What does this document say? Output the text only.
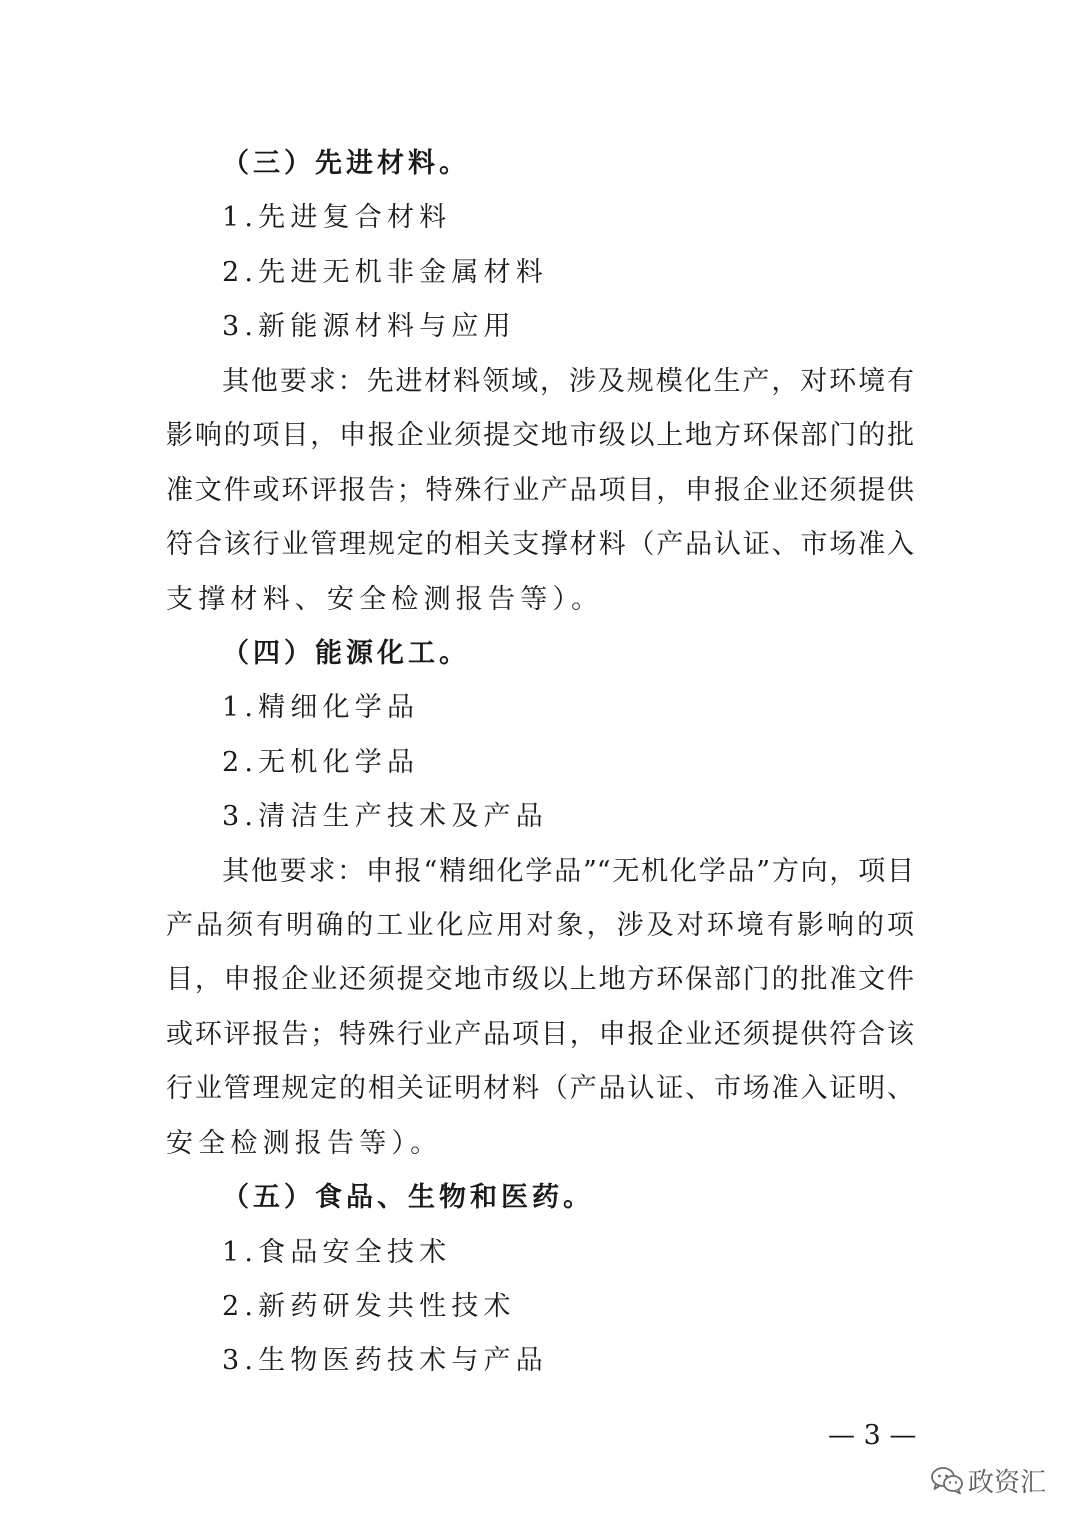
（三）先进材料。
1.先进复合材料
2.先进无机非金属材料
3.新能源材料与应用
其他要求：先进材料领域，涉及规模化生产，对环境有
影响的项目，申报企业须提交地市级以上地方环保部门的批
准文件或环评报告；特殊行业产品项目，申报企业还须提供
符合该行业管理规定的相关支撑材料（产品认证、市场准入
支撑材料、安全检测报告等）。
（四）能源化工。
1.精细化学品
2.无机化学品
3.清洁生产技术及产品
其他要求：申报“精细化学品”“无机化学品”方向，项目
产品须有明确的工业化应用对象，涉及对环境有影响的项
目，申报企业还须提交地市级以上地方环保部门的批准文件
或环评报告；特殊行业产品项目，申报企业还须提供符合该
行业管理规定的相关证明材料（产品认证、市场准入证明、
安全检测报告等）。
（五）食品、生物和医药。
1.食品安全技术
2.新药研发共性技术
3.生物医药技术与产品
— 3 —
政资汇
